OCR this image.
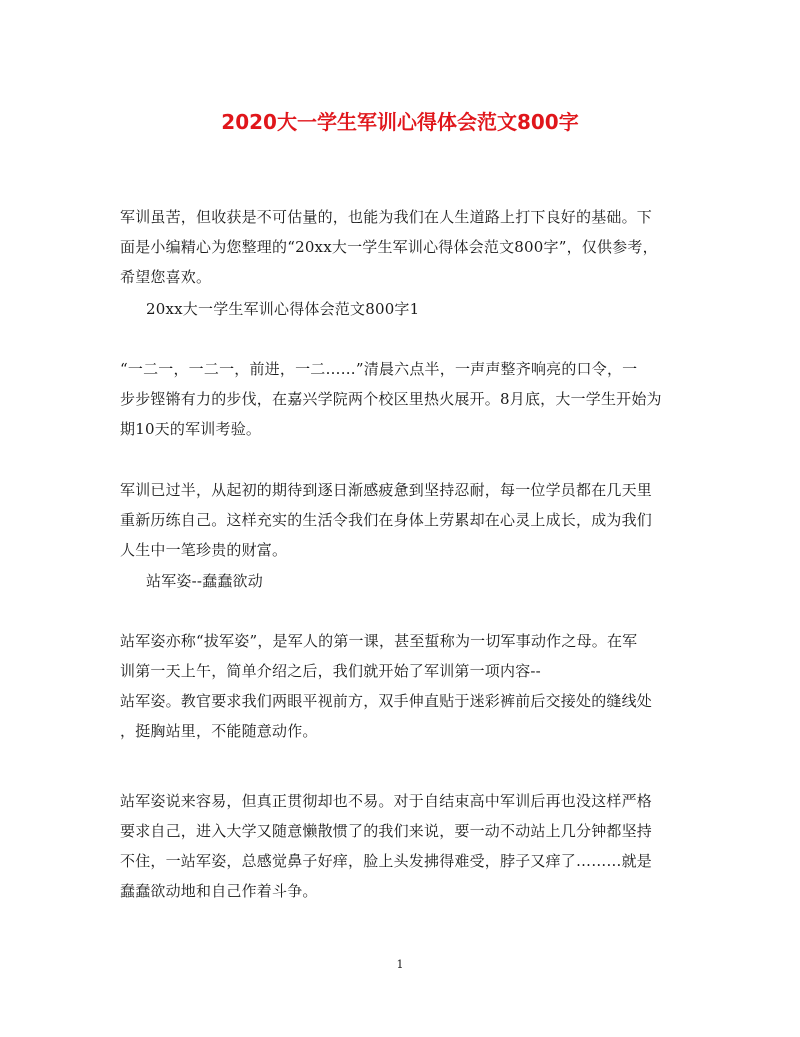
2020大一学生军训心得体会范文800字
军训虽苦，但收获是不可估量的，也能为我们在人生道路上打下良好的基础。下
面是小编精心为您整理的“20xx大一学生军训心得体会范文800字”，仅供参考，
希望您喜欢。
20xx大一学生军训心得体会范文800字1
“一二一，一二一，前进，一二……”清晨六点半，一声声整齐响亮的口令，一
步步铿锵有力的步伐，在嘉兴学院两个校区里热火展开。8月底，大一学生开始为
期10天的军训考验。
军训已过半，从起初的期待到逐日渐感疲惫到坚持忍耐，每一位学员都在几天里
重新历练自己。这样充实的生活令我们在身体上劳累却在心灵上成长，成为我们
人生中一笔珍贵的财富。
站军姿--蠢蠢欲动
站军姿亦称“拔军姿”，是军人的第一课，甚至蜇称为一切军事动作之母。在军
训第一天上午，简单介绍之后，我们就开始了军训第一项内容--
站军姿。教官要求我们两眼平视前方，双手伸直贴于迷彩裤前后交接处的缝线处
，挺胸站里，不能随意动作。
站军姿说来容易，但真正贯彻却也不易。对于自结束高中军训后再也没这样严格
要求自己，进入大学又随意懒散惯了的我们来说，要一动不动站上几分钟都坚持
不住，一站军姿，总感觉鼻子好痒，脸上头发拂得难受，脖子又痒了………就是
蠢蠢欲动地和自己作着斗争。
1
